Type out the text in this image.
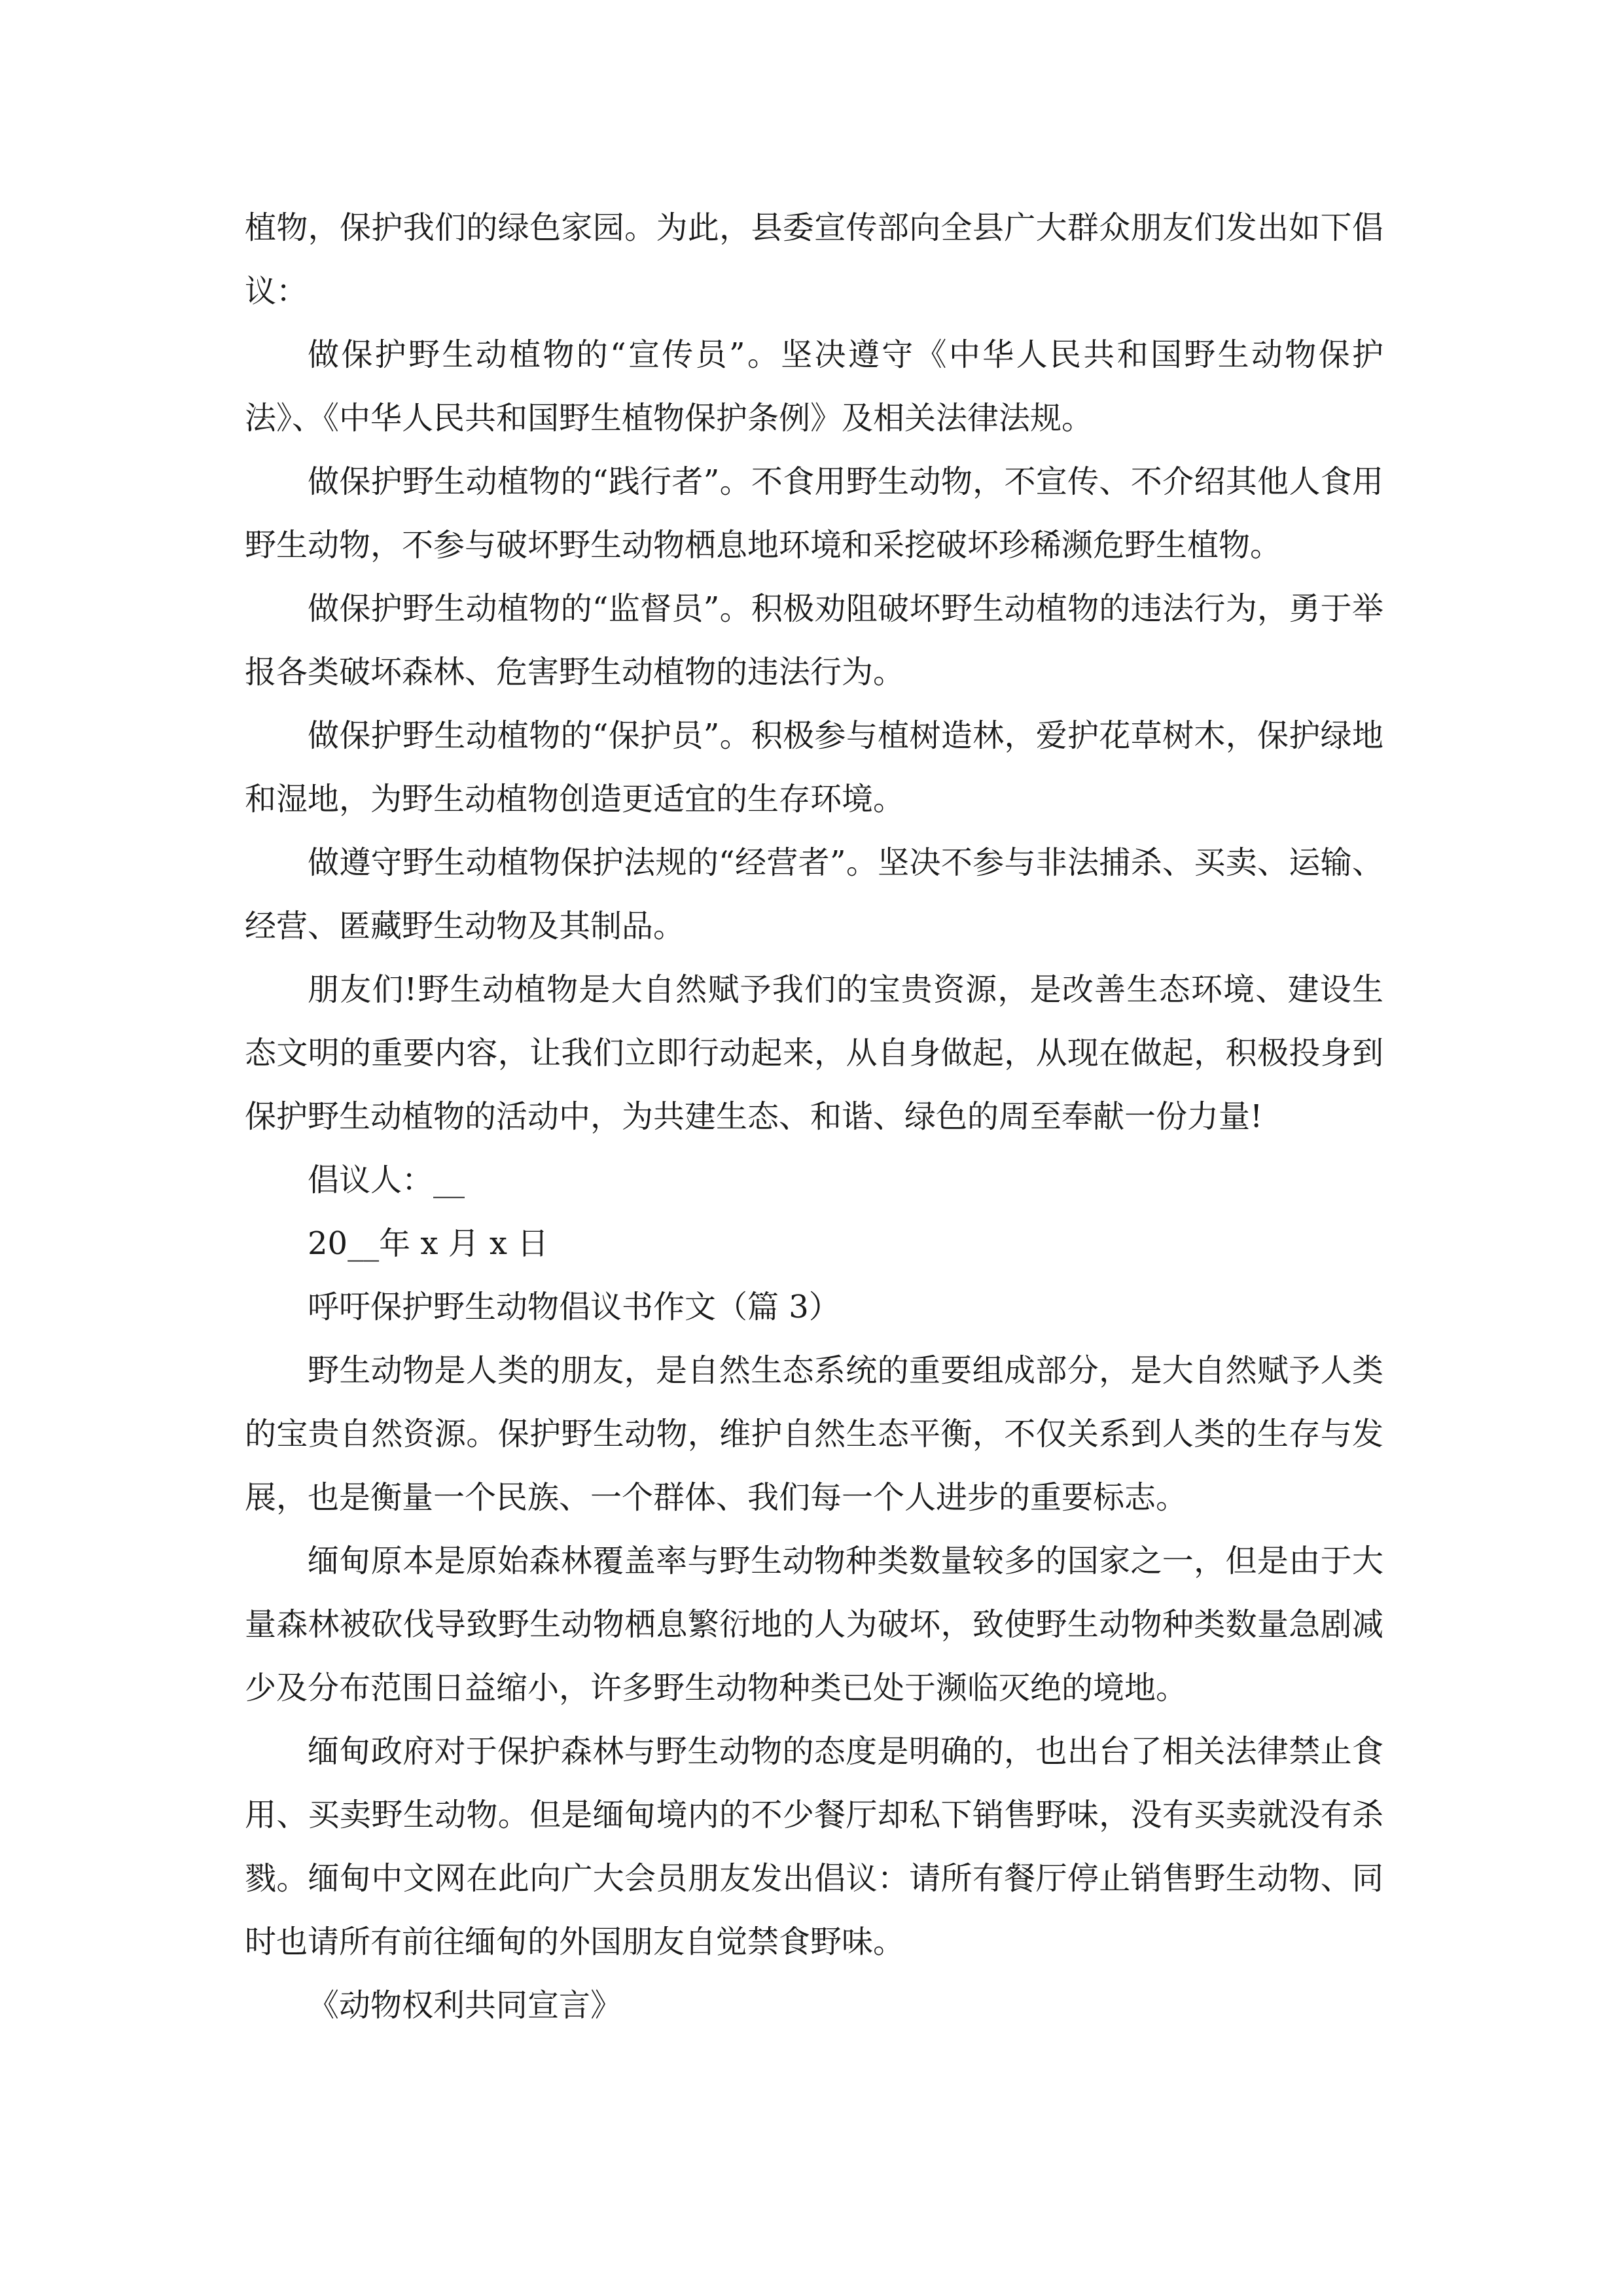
植物，保护我们的绿色家园。为此，县委宣传部向全县广大群众朋友们发出如下倡议：

做保护野生动植物的“宣传员”。坚决遵守《中华人民共和国野生动物保护法》、《中华人民共和国野生植物保护条例》及相关法律法规。

做保护野生动植物的“践行者”。不食用野生动物，不宣传、不介绍其他人食用野生动物，不参与破坏野生动物栖息地环境和采挖破坏珍稀濒危野生植物。

做保护野生动植物的“监督员”。积极劝阻破坏野生动植物的违法行为，勇于举报各类破坏森林、危害野生动植物的违法行为。

做保护野生动植物的“保护员”。积极参与植树造林，爱护花草树木，保护绿地和湿地，为野生动植物创造更适宜的生存环境。

做遵守野生动植物保护法规的“经营者”。坚决不参与非法捕杀、买卖、运输、经营、匿藏野生动物及其制品。

朋友们!野生动植物是大自然赋予我们的宝贵资源，是改善生态环境、建设生态文明的重要内容，让我们立即行动起来，从自身做起，从现在做起，积极投身到保护野生动植物的活动中，为共建生态、和谐、绿色的周至奉献一份力量!

倡议人：__

20__年 x 月 x 日

呼吁保护野生动物倡议书作文（篇 3）

野生动物是人类的朋友，是自然生态系统的重要组成部分，是大自然赋予人类的宝贵自然资源。保护野生动物，维护自然生态平衡，不仅关系到人类的生存与发展，也是衡量一个民族、一个群体、我们每一个人进步的重要标志。

缅甸原本是原始森林覆盖率与野生动物种类数量较多的国家之一，但是由于大量森林被砍伐导致野生动物栖息繁衍地的人为破坏，致使野生动物种类数量急剧减少及分布范围日益缩小，许多野生动物种类已处于濒临灭绝的境地。

缅甸政府对于保护森林与野生动物的态度是明确的，也出台了相关法律禁止食用、买卖野生动物。但是缅甸境内的不少餐厅却私下销售野味，没有买卖就没有杀戮。缅甸中文网在此向广大会员朋友发出倡议：请所有餐厅停止销售野生动物、同时也请所有前往缅甸的外国朋友自觉禁食野味。

《动物权利共同宣言》
